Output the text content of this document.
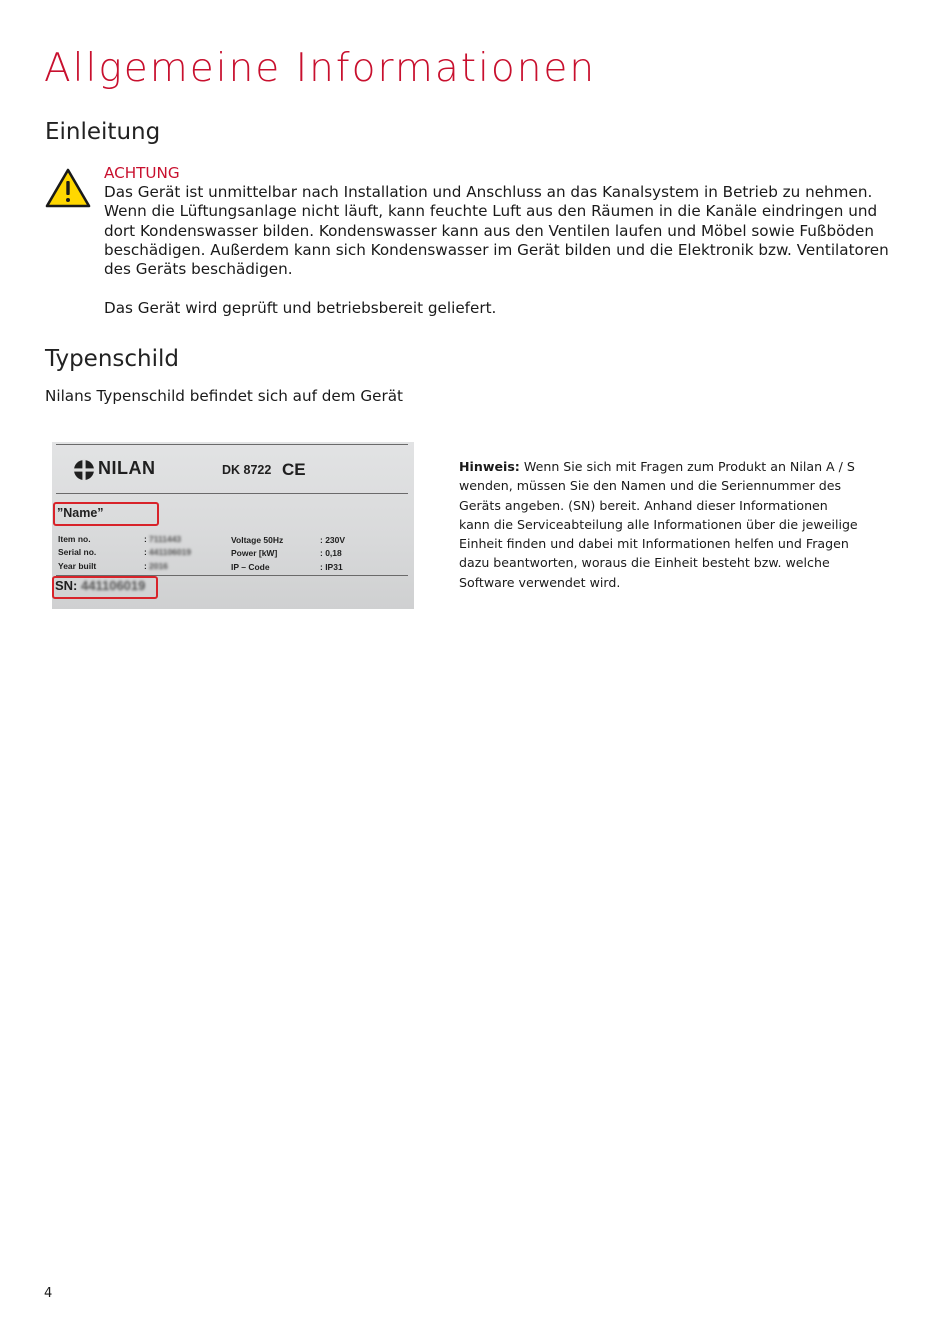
Allgemeine Informationen
Einleitung
ACHTUNG
Das Gerät ist unmittelbar nach Installation und Anschluss an das Kanalsystem in Betrieb zu nehmen. Wenn die Lüftungsanlage nicht läuft, kann feuchte Luft aus den Räumen in die Kanäle eindringen und dort Kondenswasser bilden. Kondenswasser kann aus den Ventilen laufen und Möbel sowie Fußböden beschädigen. Außerdem kann sich Kondenswasser im Gerät bilden und die Elektronik bzw. Ventilatoren des Geräts beschädigen.
Das Gerät wird geprüft und betriebsbereit geliefert.
Typenschild
Nilans Typenschild befindet sich auf dem Gerät
NILAN	DK 8722 CE
”Name”
Item no.	: 7111443
Serial no.	: 441106019
Year built	: 2016
Voltage 50Hz	: 230V
Power [kW]	: 0,18
IP – Code	: IP31
SN: 441106019
Hinweis: Wenn Sie sich mit Fragen zum Produkt an Nilan A / S wenden, müssen Sie den Namen und die Seriennummer des Geräts angeben. (SN) bereit. Anhand dieser Informationen kann die Serviceabteilung alle Informationen über die jeweilige Einheit finden und dabei mit Informationen helfen und Fragen dazu beantworten, woraus die Einheit besteht bzw. welche Software verwendet wird.
4
